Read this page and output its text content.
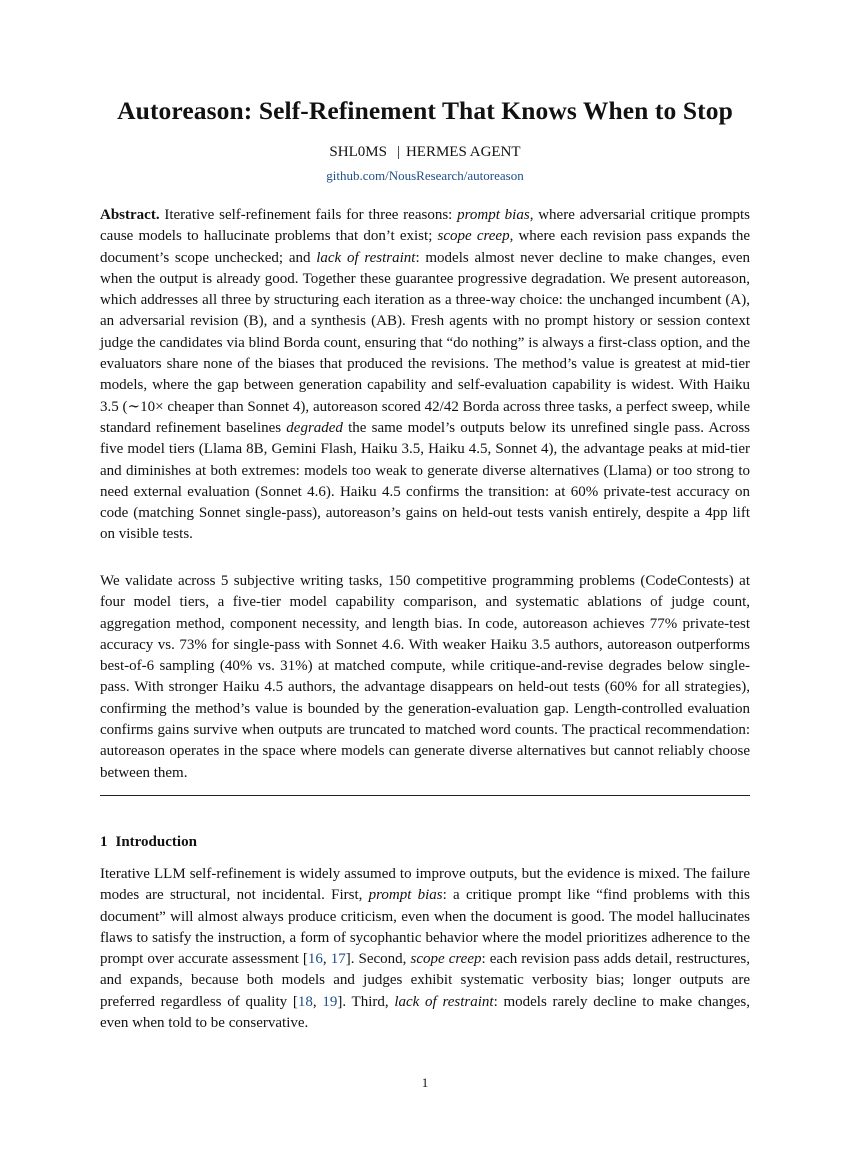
Autoreason: Self-Refinement That Knows When to Stop
SHL0MS | HERMES AGENT
github.com/NousResearch/autoreason

Abstract. Iterative self-refinement fails for three reasons: prompt bias, where adversarial critique prompts cause models to hallucinate problems that don’t exist; scope creep, where each revision pass expands the document’s scope unchecked; and lack of restraint: models almost never decline to make changes, even when the output is already good. Together these guarantee progressive degradation. We present autoreason, which addresses all three by structuring each iteration as a three-way choice: the unchanged incumbent (A), an adversarial revision (B), and a synthesis (AB). Fresh agents with no prompt history or session context judge the candidates via blind Borda count, ensuring that “do nothing” is always a first-class option, and the evaluators share none of the biases that produced the revisions. The method’s value is greatest at mid-tier models, where the gap between generation capability and self-evaluation capability is widest. With Haiku 3.5 (∼10× cheaper than Sonnet 4), autoreason scored 42/42 Borda across three tasks, a perfect sweep, while standard refinement baselines degraded the same model’s outputs below its unrefined single pass. Across five model tiers (Llama 8B, Gemini Flash, Haiku 3.5, Haiku 4.5, Sonnet 4), the advantage peaks at mid-tier and diminishes at both extremes: models too weak to generate diverse alternatives (Llama) or too strong to need external evaluation (Sonnet 4.6). Haiku 4.5 confirms the transition: at 60% private-test accuracy on code (matching Sonnet single-pass), autoreason’s gains on held-out tests vanish entirely, despite a 4pp lift on visible tests.

We validate across 5 subjective writing tasks, 150 competitive programming problems (CodeContests) at four model tiers, a five-tier model capability comparison, and systematic ablations of judge count, aggregation method, component necessity, and length bias. In code, autoreason achieves 77% private-test accuracy vs. 73% for single-pass with Sonnet 4.6. With weaker Haiku 3.5 authors, autoreason outperforms best-of-6 sampling (40% vs. 31%) at matched compute, while critique-and-revise degrades below single-pass. With stronger Haiku 4.5 authors, the advantage disappears on held-out tests (60% for all strategies), confirming the method’s value is bounded by the generation-evaluation gap. Length-controlled evaluation confirms gains survive when outputs are truncated to matched word counts. The practical recommendation: autoreason operates in the space where models can generate diverse alternatives but cannot reliably choose between them.

1 Introduction

Iterative LLM self-refinement is widely assumed to improve outputs, but the evidence is mixed. The failure modes are structural, not incidental. First, prompt bias: a critique prompt like “find problems with this document” will almost always produce criticism, even when the document is good. The model hallucinates flaws to satisfy the instruction, a form of sycophantic behavior where the model prioritizes adherence to the prompt over accurate assessment [16, 17]. Second, scope creep: each revision pass adds detail, restructures, and expands, because both models and judges exhibit systematic verbosity bias; longer outputs are preferred regardless of quality [18, 19]. Third, lack of restraint: models rarely decline to make changes, even when told to be conservative.

1
